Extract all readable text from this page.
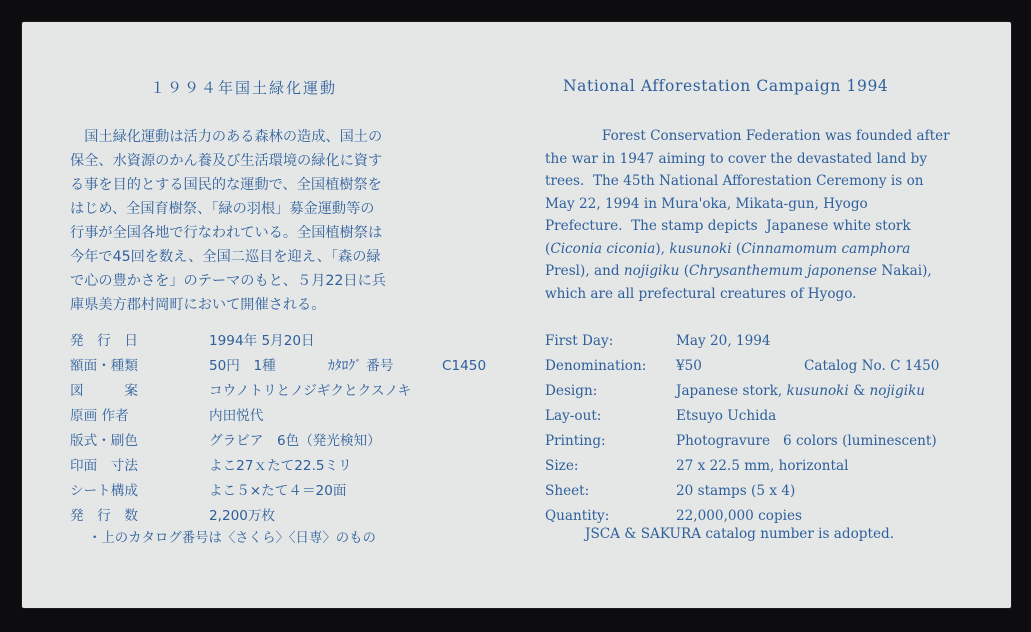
１９９４年国土緑化運動
　国土緑化運動は活力のある森林の造成、国土の
保全、水資源のかん養及び生活環境の緑化に資す
る事を目的とする国民的な運動で、全国植樹祭を
はじめ、全国育樹祭、「緑の羽根」募金運動等の
行事が全国各地で行なわれている。全国植樹祭は
今年で45回を数え、全国二巡目を迎え、「森の緑
で心の豊かさを」のテーマのもと、５月22日に兵
庫県美方郡村岡町において開催される。
発　行　日	1994年 5月20日
額面・種類	50円　1種	ｶﾀﾛｸﾞ 番号	C1450
図　　　案	コウノトリとノジギクとクスノキ
原画 作者	内田悦代
版式・刷色	グラビア　6色（発光検知）
印面　寸法	よこ27ｘたて22.5ミリ
シート構成	よこ５×たて４＝20面
発　行　数	2,200万枚
・上のカタログ番号は〈さくら〉〈日専〉のもの
National Afforestation Campaign 1994
Forest Conservation Federation was founded after
the war in 1947 aiming to cover the devastated land by
trees.  The 45th National Afforestation Ceremony is on
May 22, 1994 in Mura'oka, Mikata-gun, Hyogo
Prefecture.  The stamp depicts  Japanese white stork
(Ciconia ciconia), kusunoki (Cinnamomum camphora
Presl), and nojigiku (Chrysanthemum japonense Nakai),
which are all prefectural creatures of Hyogo.
First Day:	May 20, 1994
Denomination: ¥50	Catalog No. C 1450
Design:	Japanese stork, kusunoki & nojigiku
Lay-out:	Etsuyo Uchida
Printing:	Photogravure   6 colors (luminescent)
Size:	27 x 22.5 mm, horizontal
Sheet:	20 stamps (5 x 4)
Quantity:	22,000,000 copies
JSCA & SAKURA catalog number is adopted.
